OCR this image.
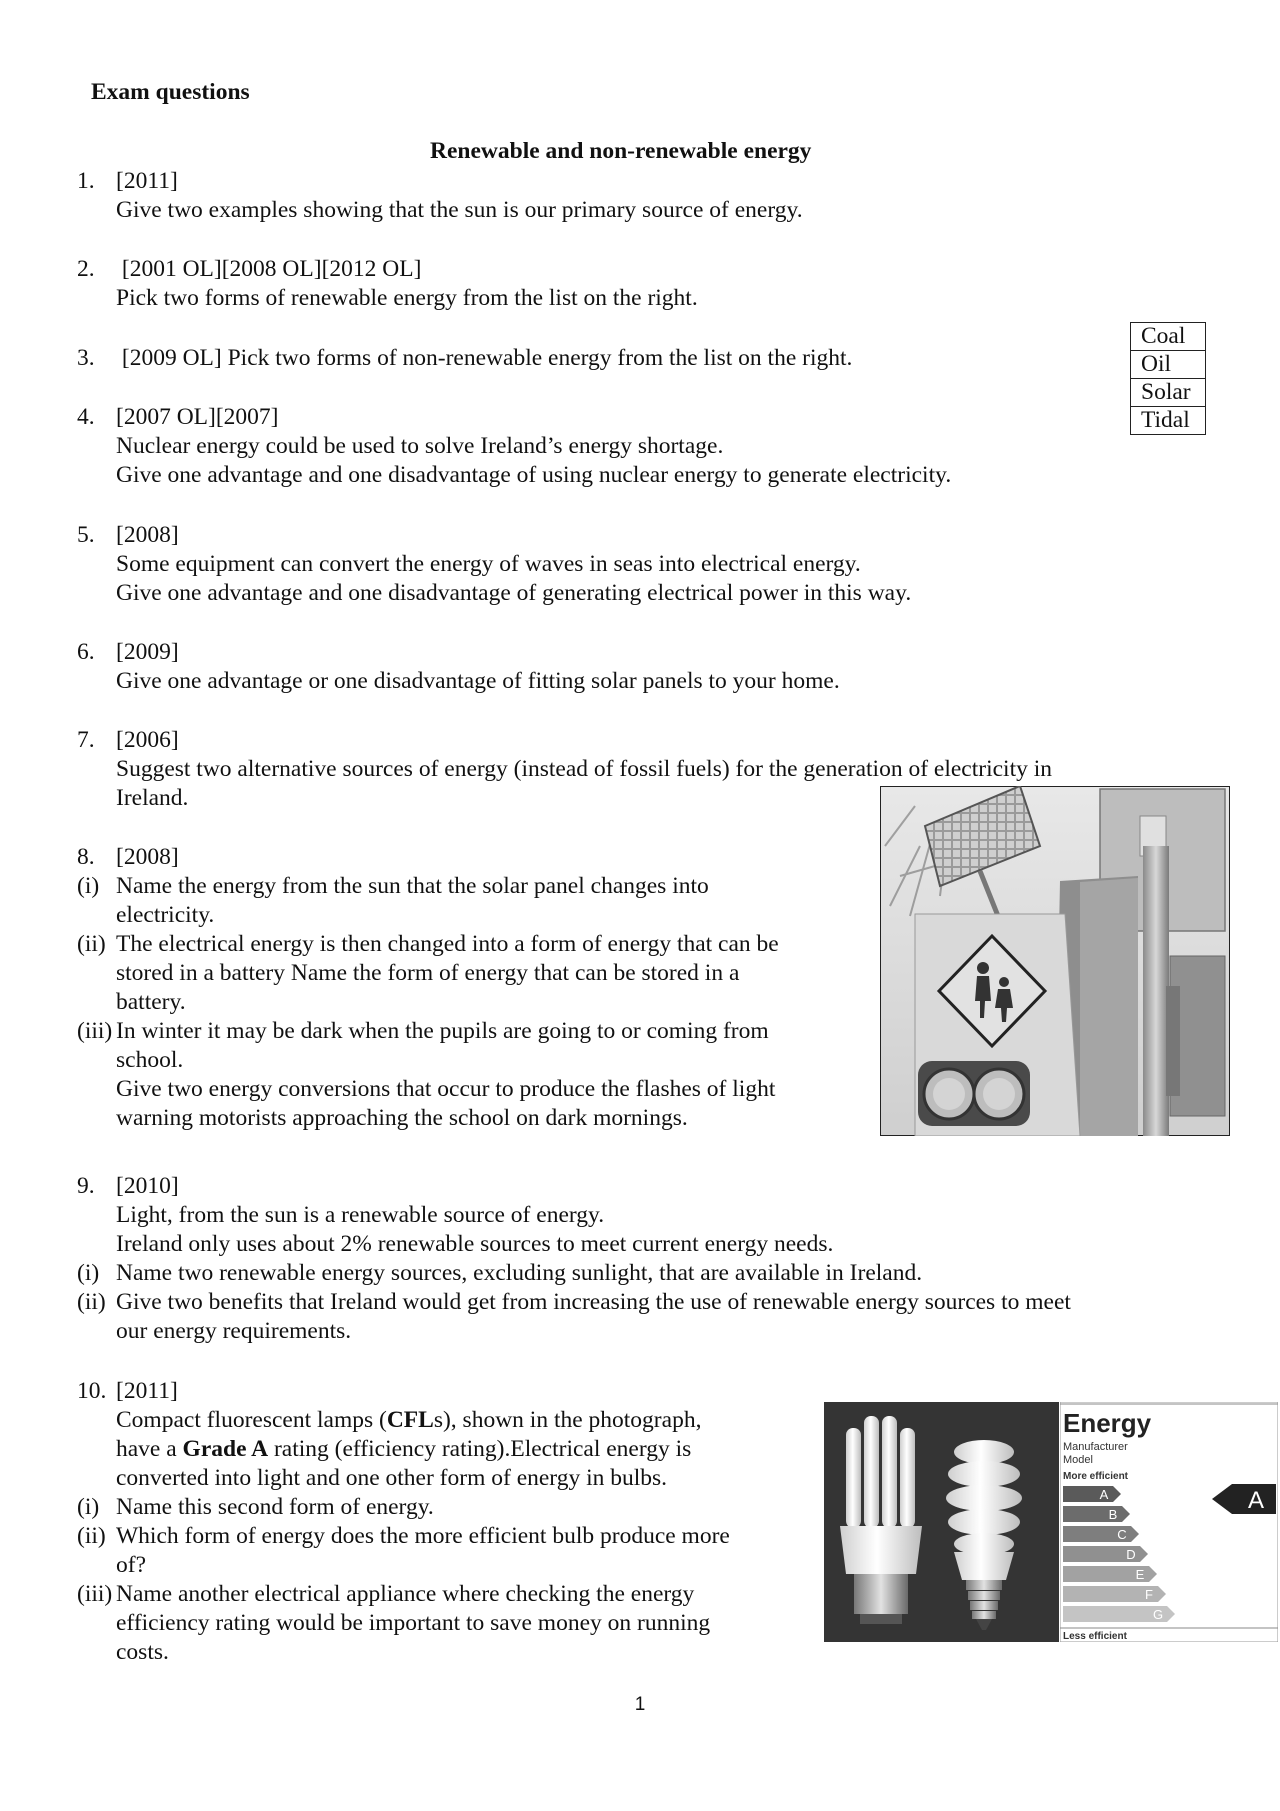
Exam questions
Renewable and non-renewable energy
1. [2011]
Give two examples showing that the sun is our primary source of energy.
2. [2001 OL][2008 OL][2012 OL]
Pick two forms of renewable energy from the list on the right.
3. [2009 OL] Pick two forms of non-renewable energy from the list on the right.
Coal
Oil
Solar
Tidal
4. [2007 OL][2007]
Nuclear energy could be used to solve Ireland’s energy shortage.
Give one advantage and one disadvantage of using nuclear energy to generate electricity.
5. [2008]
Some equipment can convert the energy of waves in seas into electrical energy.
Give one advantage and one disadvantage of generating electrical power in this way.
6. [2009]
Give one advantage or one disadvantage of fitting solar panels to your home.
7. [2006]
Suggest two alternative sources of energy (instead of fossil fuels) for the generation of electricity in
Ireland.
8. [2008]
(i) Name the energy from the sun that the solar panel changes into
electricity.
(ii) The electrical energy is then changed into a form of energy that can be
stored in a battery Name the form of energy that can be stored in a
battery.
(iii) In winter it may be dark when the pupils are going to or coming from
school.
Give two energy conversions that occur to produce the flashes of light
warning motorists approaching the school on dark mornings.
9. [2010]
Light, from the sun is a renewable source of energy.
Ireland only uses about 2% renewable sources to meet current energy needs.
(i) Name two renewable energy sources, excluding sunlight, that are available in Ireland.
(ii) Give two benefits that Ireland would get from increasing the use of renewable energy sources to meet
our energy requirements.
10. [2011]
Compact fluorescent lamps (CFLs), shown in the photograph,
have a Grade A rating (efficiency rating).Electrical energy is
converted into light and one other form of energy in bulbs.
(i) Name this second form of energy.
(ii) Which form of energy does the more efficient bulb produce more
of?
(iii) Name another electrical appliance where checking the energy
efficiency rating would be important to save money on running
costs.
Energy
Manufacturer
Model
More efficient
A
B
C
D
E
F
G
A
Less efficient
1
